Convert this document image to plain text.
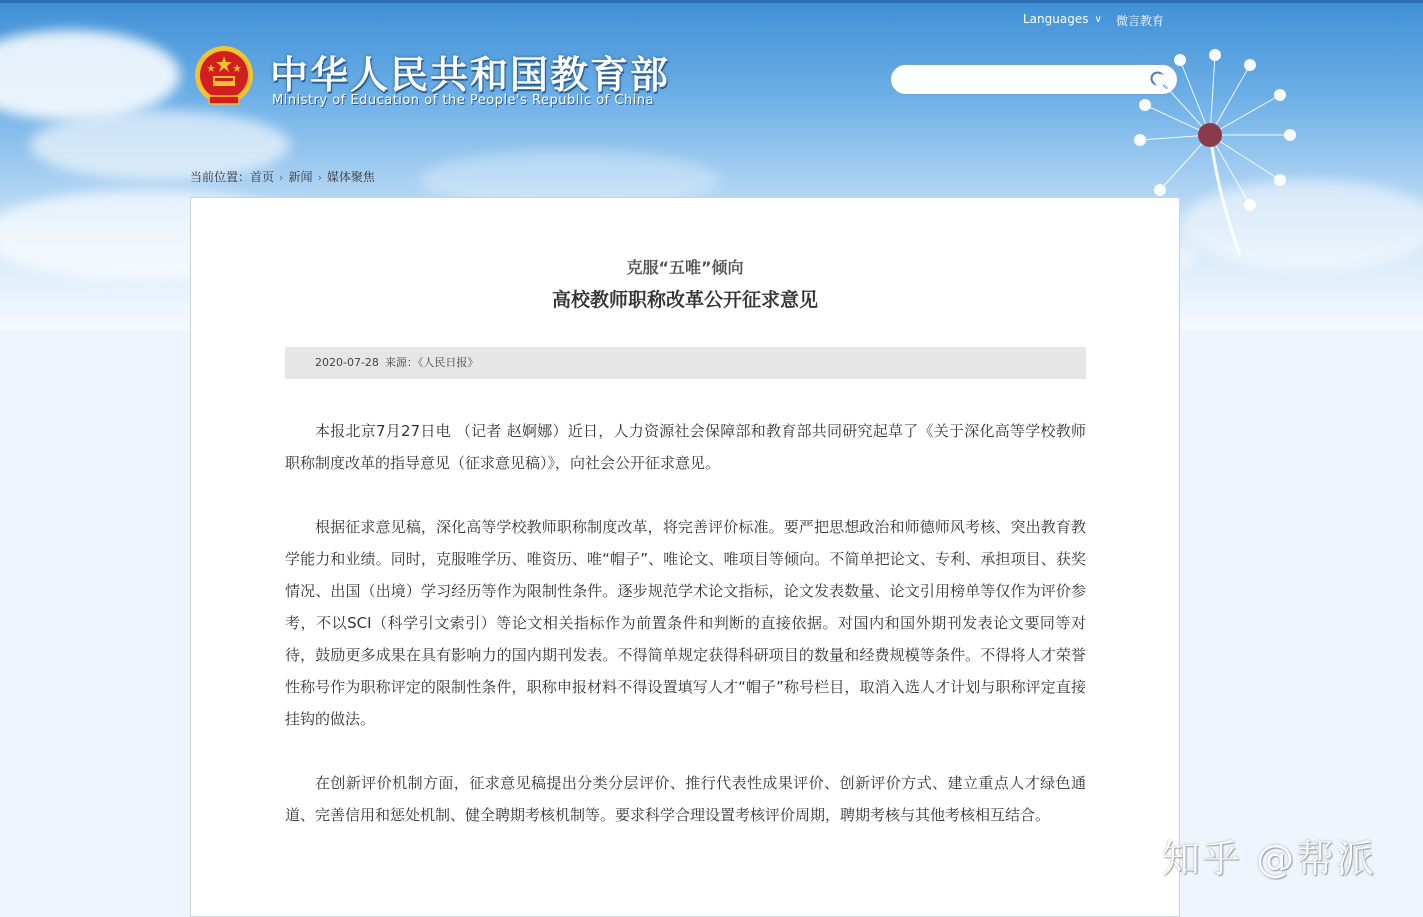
Languages ∨ 微言教育
中华人民共和国教育部
Ministry of Education of the People's Republic of China
当前位置：首页 › 新闻 › 媒体聚焦
克服“五唯”倾向
高校教师职称改革公开征求意见
2020-07-28 来源：《人民日报》

本报北京7月27日电 （记者 赵婀娜）近日，人力资源社会保障部和教育部共同研究起草了《关于深化高等学校教师职称制度改革的指导意见（征求意见稿）》，向社会公开征求意见。

根据征求意见稿，深化高等学校教师职称制度改革，将完善评价标准。要严把思想政治和师德师风考核、突出教育教学能力和业绩。同时，克服唯学历、唯资历、唯“帽子”、唯论文、唯项目等倾向。不简单把论文、专利、承担项目、获奖情况、出国（出境）学习经历等作为限制性条件。逐步规范学术论文指标，论文发表数量、论文引用榜单等仅作为评价参考，不以SCI（科学引文索引）等论文相关指标作为前置条件和判断的直接依据。对国内和国外期刊发表论文要同等对待，鼓励更多成果在具有影响力的国内期刊发表。不得简单规定获得科研项目的数量和经费规模等条件。不得将人才荣誉性称号作为职称评定的限制性条件，职称申报材料不得设置填写人才“帽子”称号栏目，取消入选人才计划与职称评定直接挂钩的做法。

在创新评价机制方面，征求意见稿提出分类分层评价、推行代表性成果评价、创新评价方式、建立重点人才绿色通道、完善信用和惩处机制、健全聘期考核机制等。要求科学合理设置考核评价周期，聘期考核与其他考核相互结合。

知乎 @帮派
